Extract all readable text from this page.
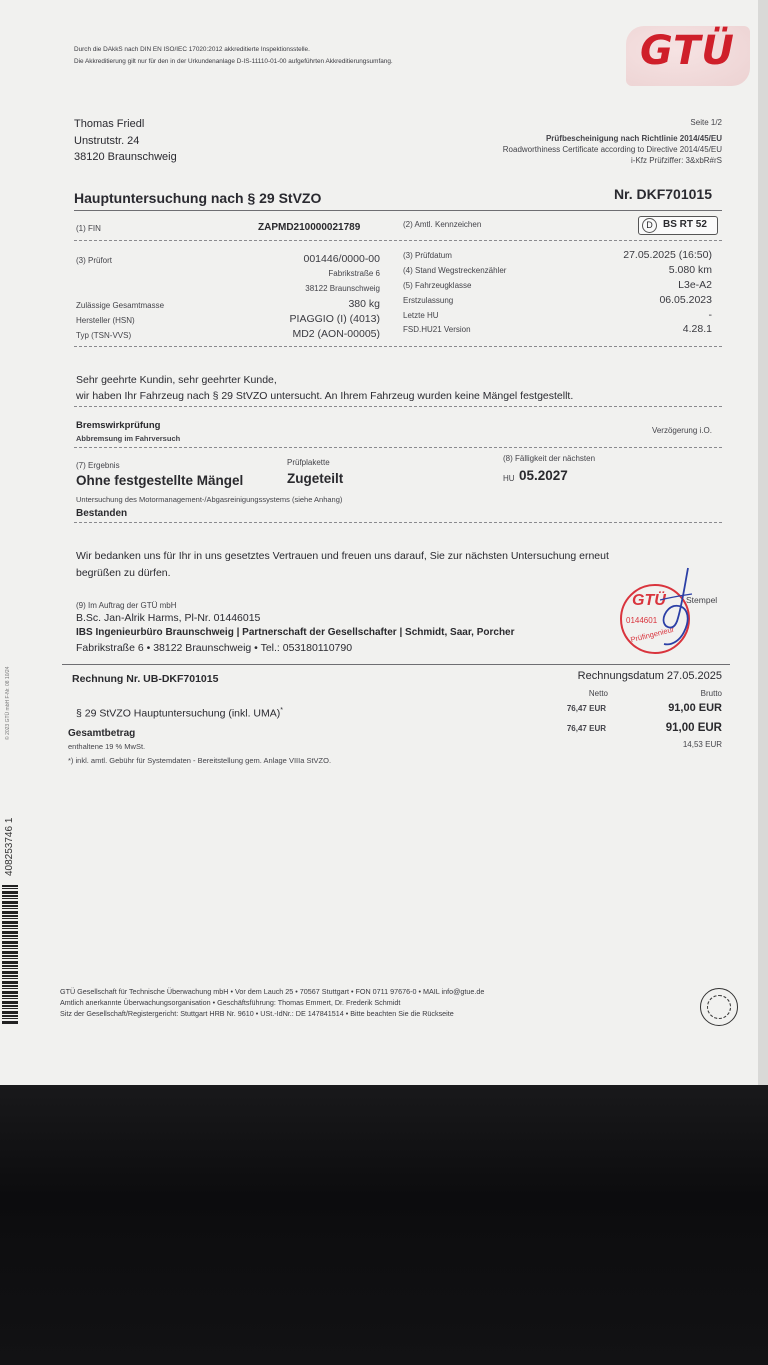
Durch die DAkkS nach DIN EN ISO/IEC 17020:2012 akkreditierte Inspektionsstelle.
Die Akkreditierung gilt nur für den in der Urkundenanlage D-IS-11110-01-00 aufgeführten Akkreditierungsumfang.	GTÜ
Thomas Friedl
Unstrutstr. 24
38120 Braunschweig
Seite 1/2
Prüfbescheinigung nach Richtlinie 2014/45/EU
Roadworthiness Certificate according to Directive 2014/45/EU
i-Kfz Prüfziffer: 3&xbR#rS
Hauptuntersuchung nach § 29 StVZO	Nr. DKF701015
(1) FIN	ZAPMD210000021789	(2) Amtl. Kennzeichen	D	BS RT 52
(3) Prüfort	001446/0000-00
Fabrikstraße 6
38122 Braunschweig
(3) Prüfdatum	27.05.2025 (16:50)
(4) Stand Wegstreckenzähler	5.080 km
(5) Fahrzeugklasse	L3e-A2
Zulässige Gesamtmasse	380 kg	Erstzulassung	06.05.2023
Hersteller (HSN)	PIAGGIO (I) (4013)	Letzte HU	-
Typ (TSN-VVS)	MD2 (AON-00005)	FSD.HU21 Version	4.28.1
Sehr geehrte Kundin, sehr geehrter Kunde,
wir haben Ihr Fahrzeug nach § 29 StVZO untersucht. An Ihrem Fahrzeug wurden keine Mängel festgestellt.
Bremswirkprüfung
Abbremsung im Fahrversuch
Verzögerung i.O.
(7) Ergebnis
Ohne festgestellte Mängel
Prüfplakette
Zugeteilt
(8) Fälligkeit der nächsten
HU 05.2027
Untersuchung des Motormanagement-/Abgasreinigungssystems (siehe Anhang)
Bestanden
Wir bedanken uns für Ihr in uns gesetztes Vertrauen und freuen uns darauf, Sie zur nächsten Untersuchung erneut
begrüßen zu dürfen.
(9) Im Auftrag der GTÜ mbH
B.Sc. Jan-Alrik Harms, Pl-Nr. 01446015
IBS Ingenieurbüro Braunschweig | Partnerschaft der Gesellschafter | Schmidt, Saar, Porcher
Fabrikstraße 6 • 38122 Braunschweig • Tel.: 053180110790
GTÜ
0144601
Prüfingenieur
Stempel
Rechnung Nr. UB-DKF701015	Rechnungsdatum 27.05.2025
Netto	Brutto
§ 29 StVZO Hauptuntersuchung (inkl. UMA)*	76,47 EUR	91,00 EUR
Gesamtbetrag	76,47 EUR	91,00 EUR
enthaltene 19 % MwSt.	14,53 EUR
*) inkl. amtl. Gebühr für Systemdaten - Bereitstellung gem. Anlage VIIIa StVZO.
GTÜ Gesellschaft für Technische Überwachung mbH • Vor dem Lauch 25 • 70567 Stuttgart • FON 0711 97676-0 • MAIL info@gtue.de
Amtlich anerkannte Überwachungsorganisation • Geschäftsführung: Thomas Emmert, Dr. Frederik Schmidt
Sitz der Gesellschaft/Registergericht: Stuttgart HRB Nr. 9610 • USt.-IdNr.: DE 147841514 • Bitte beachten Sie die Rückseite
408253746 1
© 2023 GTÜ mbH F-Nr. 08 10/24
